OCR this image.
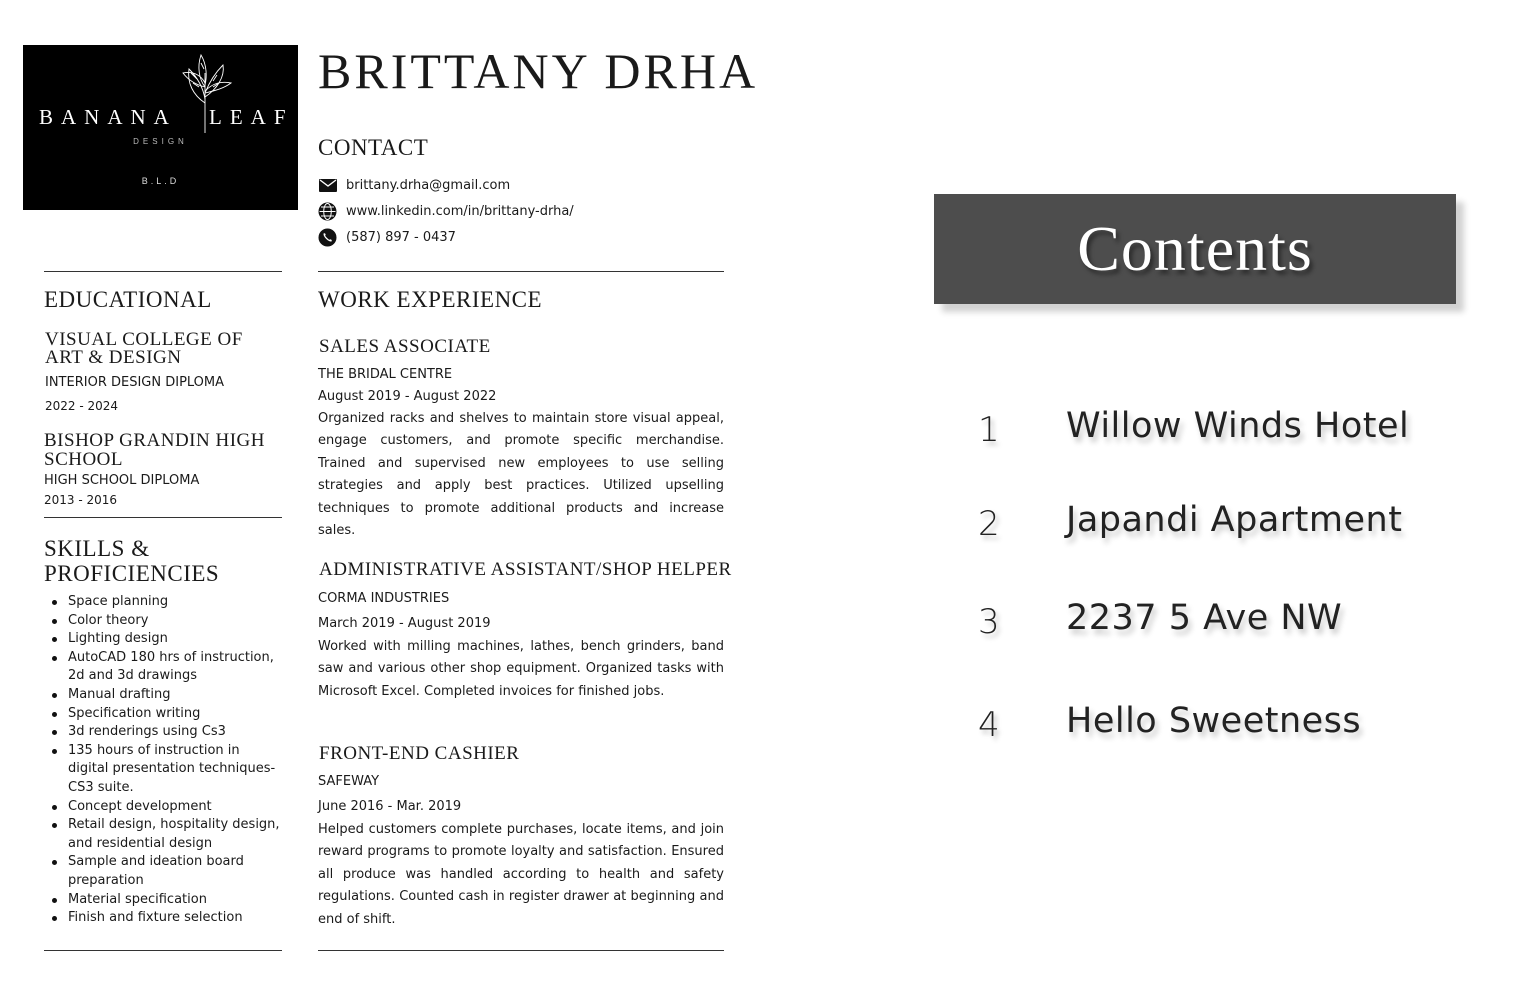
BANANA LEAF
DESIGN
B.L.D
BRITTANY DRHA
CONTACT
brittany.drha@gmail.com
www.linkedin.com/in/brittany-drha/
(587) 897 - 0437
EDUCATIONAL
VISUAL COLLEGE OF
ART & DESIGN
INTERIOR DESIGN DIPLOMA
2022 - 2024
BISHOP GRANDIN HIGH
SCHOOL
HIGH SCHOOL DIPLOMA
2013 - 2016
SKILLS &
PROFICIENCIES
Space planning
Color theory
Lighting design
AutoCAD 180 hrs of instruction, 2d and 3d drawings
Manual drafting
Specification writing
3d renderings using Cs3
135 hours of instruction in digital presentation techniques-CS3 suite.
Concept development
Retail design, hospitality design, and residential design
Sample and ideation board preparation
Material specification
Finish and fixture selection
WORK EXPERIENCE
SALES ASSOCIATE
THE BRIDAL CENTRE
August 2019 - August 2022
Organized racks and shelves to maintain store visual appeal, engage customers, and promote specific merchandise. Trained and supervised new employees to use selling strategies and apply best practices. Utilized upselling techniques to promote additional products and increase sales.
ADMINISTRATIVE ASSISTANT/SHOP HELPER
CORMA INDUSTRIES
March 2019 - August 2019
Worked with milling machines, lathes, bench grinders, band saw and various other shop equipment. Organized tasks with Microsoft Excel. Completed invoices for finished jobs.
FRONT-END CASHIER
SAFEWAY
June 2016 - Mar. 2019
Helped customers complete purchases, locate items, and join reward programs to promote loyalty and satisfaction. Ensured all produce was handled according to health and safety regulations. Counted cash in register drawer at beginning and end of shift.
Contents
1 Willow Winds Hotel
2 Japandi Apartment
3 2237 5 Ave NW
4 Hello Sweetness
